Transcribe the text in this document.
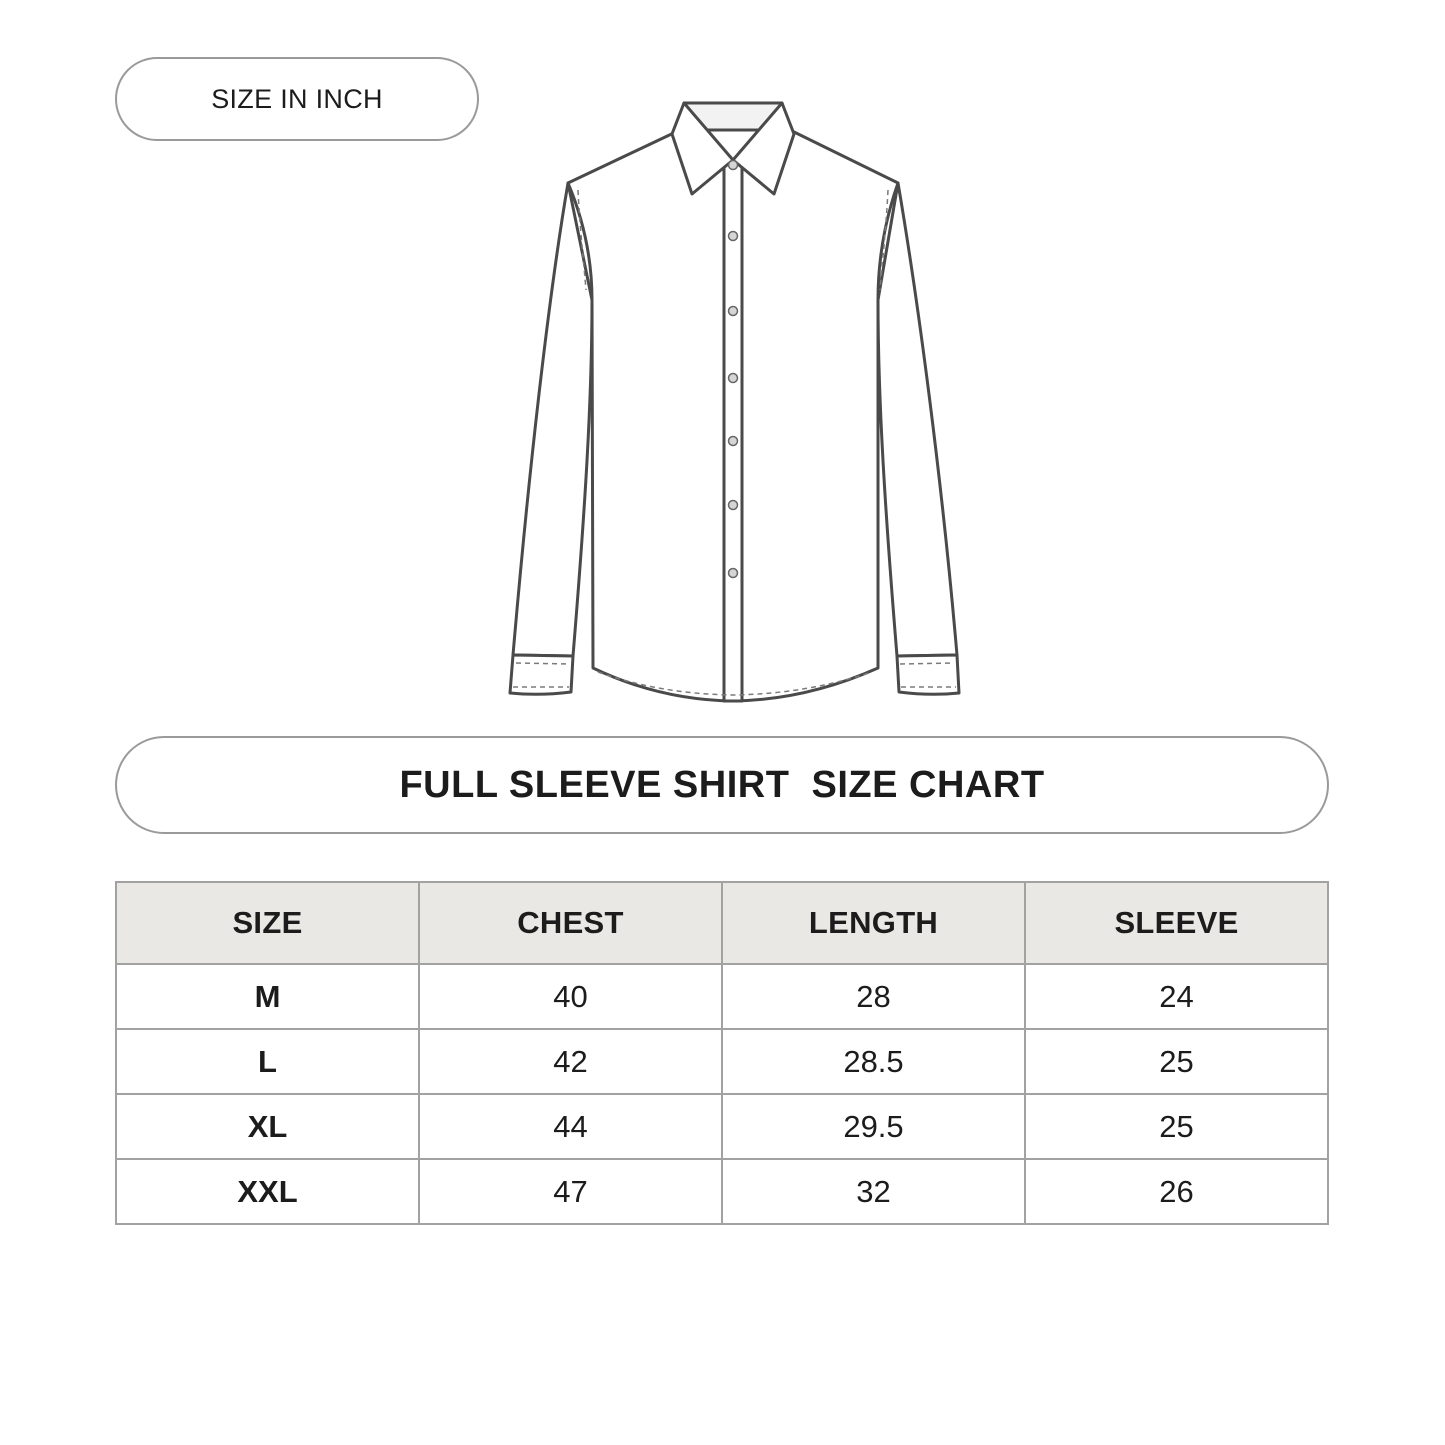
SIZE IN INCH
FULL SLEEVE SHIRT  SIZE CHART
SIZE	CHEST	LENGTH	SLEEVE
M	40	28	24
L	42	28.5	25
XL	44	29.5	25
XXL	47	32	26
